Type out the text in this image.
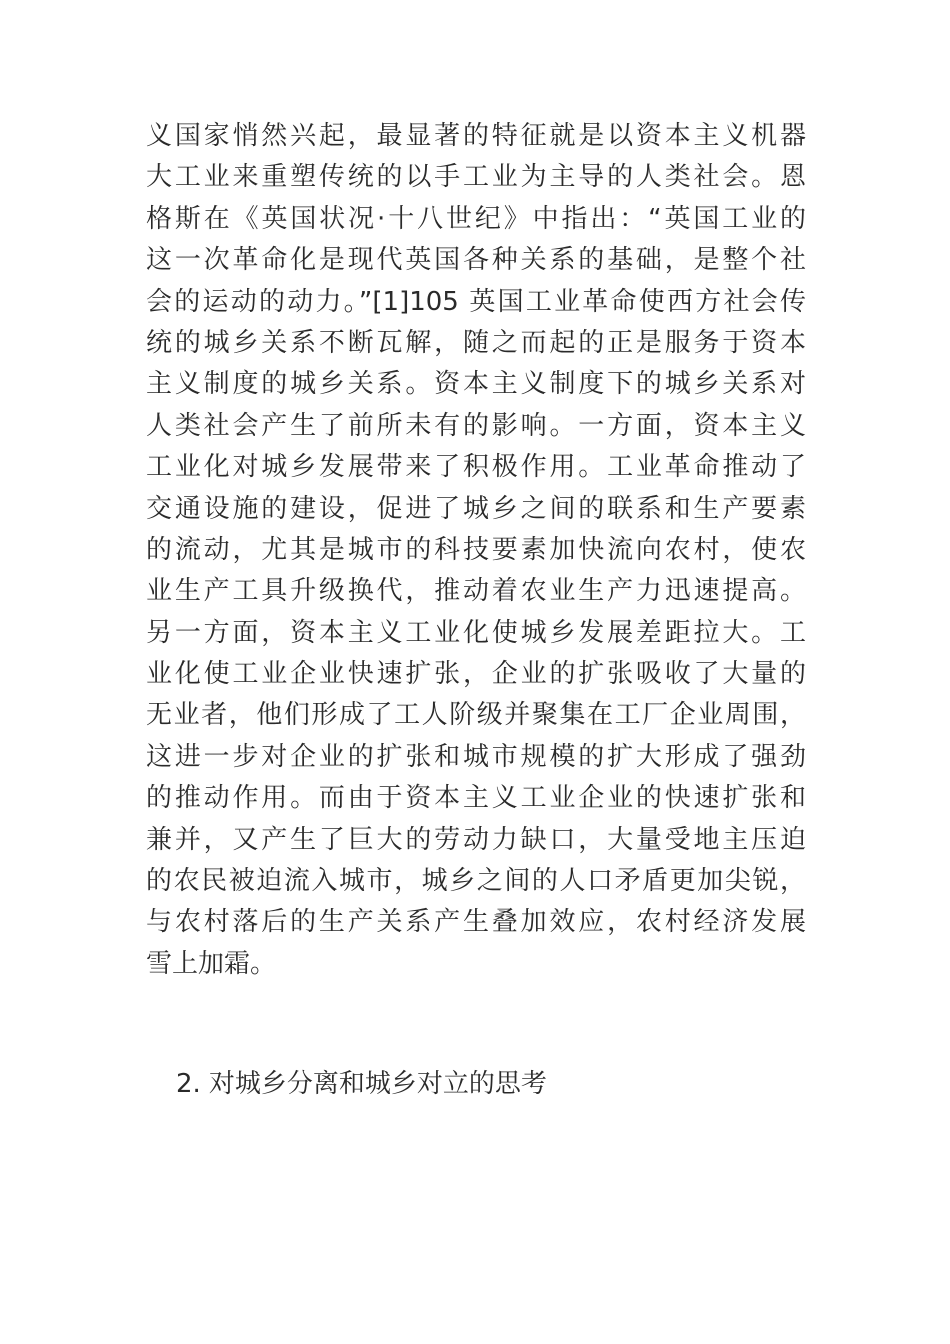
义国家悄然兴起，最显著的特征就是以资本主义机器
大工业来重塑传统的以手工业为主导的人类社会。恩
格斯在《英国状况·十八世纪》中指出：“英国工业的
这一次革命化是现代英国各种关系的基础，是整个社
会的运动的动力。”[1]105 英国工业革命使西方社会传
统的城乡关系不断瓦解，随之而起的正是服务于资本
主义制度的城乡关系。资本主义制度下的城乡关系对
人类社会产生了前所未有的影响。一方面，资本主义
工业化对城乡发展带来了积极作用。工业革命推动了
交通设施的建设，促进了城乡之间的联系和生产要素
的流动，尤其是城市的科技要素加快流向农村，使农
业生产工具升级换代，推动着农业生产力迅速提高。
另一方面，资本主义工业化使城乡发展差距拉大。工
业化使工业企业快速扩张，企业的扩张吸收了大量的
无业者，他们形成了工人阶级并聚集在工厂企业周围，
这进一步对企业的扩张和城市规模的扩大形成了强劲
的推动作用。而由于资本主义工业企业的快速扩张和
兼并，又产生了巨大的劳动力缺口，大量受地主压迫
的农民被迫流入城市，城乡之间的人口矛盾更加尖锐，
与农村落后的生产关系产生叠加效应，农村经济发展
雪上加霜。
2. 对城乡分离和城乡对立的思考
